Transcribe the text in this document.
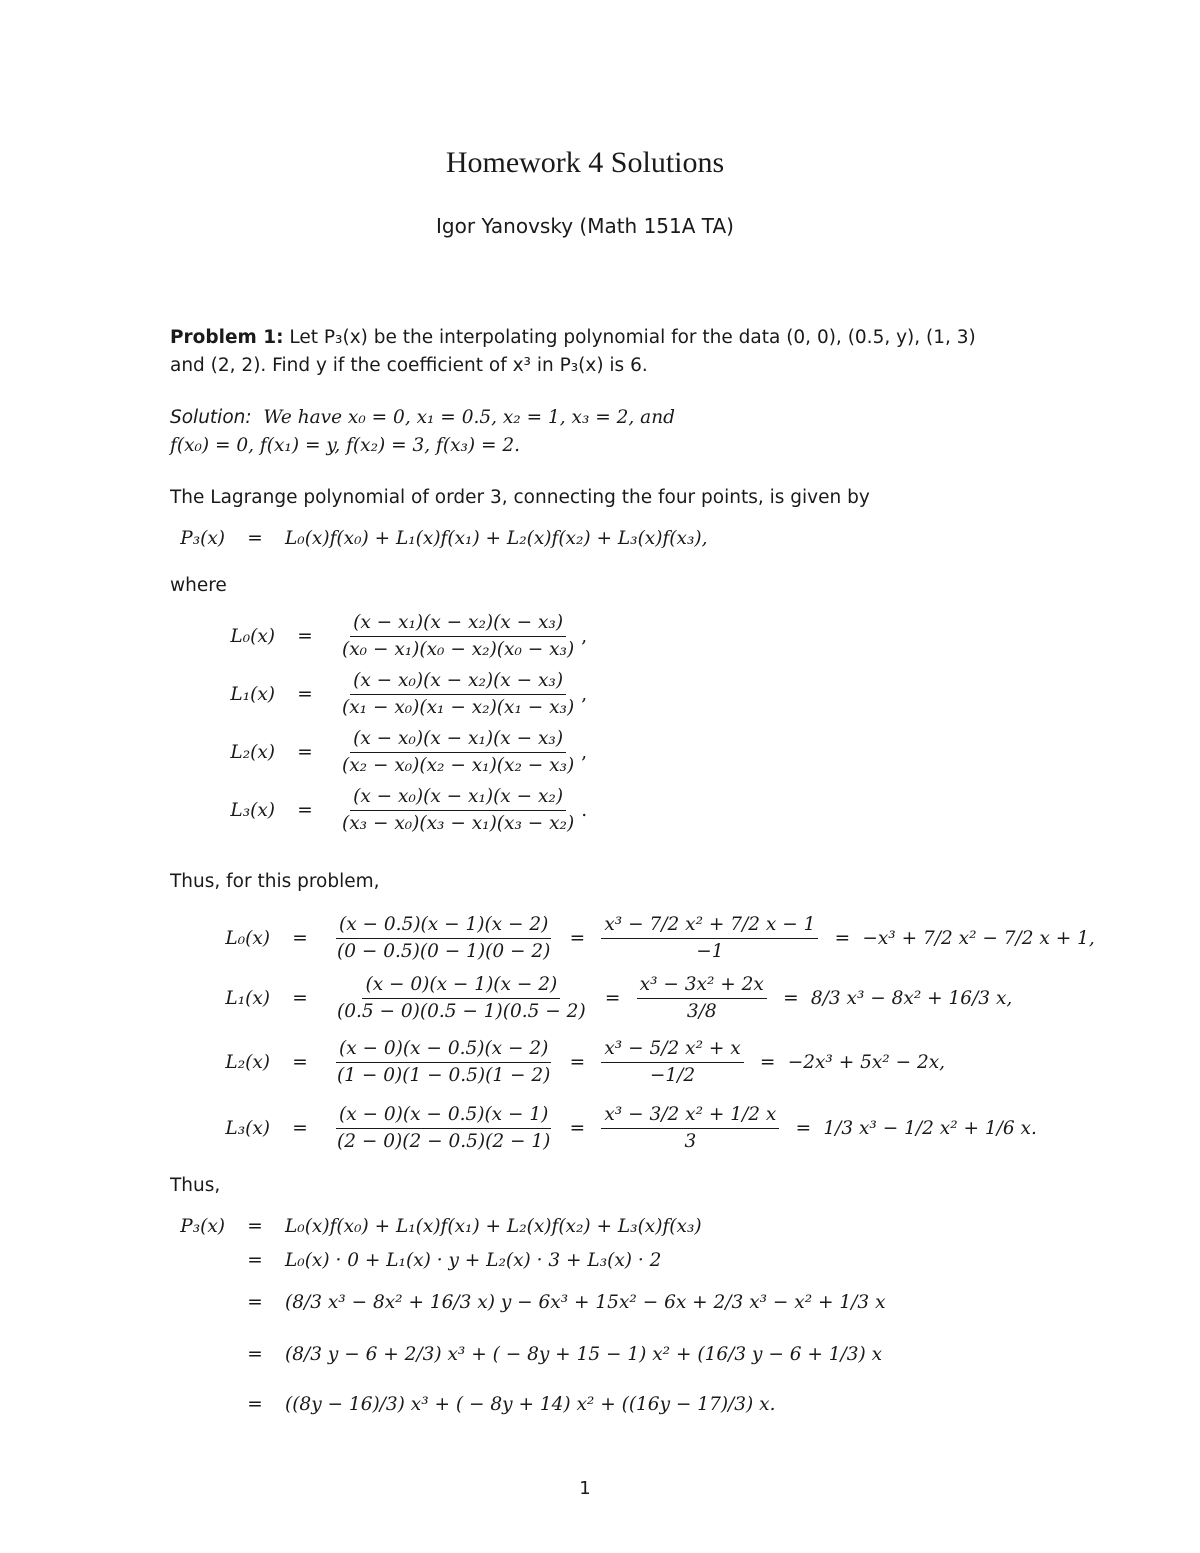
Homework 4 Solutions
Igor Yanovsky (Math 151A TA)
Problem 1: Let P₃(x) be the interpolating polynomial for the data (0, 0), (0.5, y), (1, 3)
and (2, 2). Find y if the coefficient of x³ in P₃(x) is 6.
Solution: We have x₀ = 0, x₁ = 0.5, x₂ = 1, x₃ = 2, and
f(x₀) = 0, f(x₁) = y, f(x₂) = 3, f(x₃) = 2.
The Lagrange polynomial of order 3, connecting the four points, is given by
P₃(x)	=	L₀(x)f(x₀) + L₁(x)f(x₁) + L₂(x)f(x₂) + L₃(x)f(x₃),
where
L₀(x)	=	$\frac{\text{(x − x₁)(x − x₂)(x − x₃)}}{\text{(x₀ − x₁)(x₀ − x₂)(x₀ − x₃)}}$ ,
L₁(x)	=	$\frac{\text{(x − x₀)(x − x₂)(x − x₃)}}{\text{(x₁ − x₀)(x₁ − x₂)(x₁ − x₃)}}$ ,
L₂(x)	=	$\frac{\text{(x − x₀)(x − x₁)(x − x₃)}}{\text{(x₂ − x₀)(x₂ − x₁)(x₂ − x₃)}}$ ,
L₃(x)	=	$\frac{\text{(x − x₀)(x − x₁)(x − x₂)}}{\text{(x₃ − x₀)(x₃ − x₁)(x₃ − x₂)}}$ .
Thus, for this problem,
L₀(x)	=	$\frac{(x - 0.5)(x - 1)(x - 2)}{(0 - 0.5)(0 - 1)(0 - 2)} = \frac{\text{x³ − 7/2 x² + 7/2 x − 1}}{-1} = -x^3 + 7/2$ x² − 7/2 x + 1,
L₁(x)	=	$\frac{(x - 0)(x - 1)(x - 2)}{(0.5 - 0)(0.5 - 1)(0.5 - 2)} = \frac{\text{x³ − 3x² + 2x}}{3/8} = 8/3$ x³ − 8x² + 16/3 x,
L₂(x)	=	$\frac{(x - 0)(x - 0.5)(x - 2)}{(1 - 0)(1 - 0.5)(1 - 2)} = \frac{\text{x³ − 5/2 x² + x}}{-1/2} = -2x^3 + 5x^2 - 2x$,
L₃(x)	=	$\frac{(x - 0)(x - 0.5)(x - 1)}{(2 - 0)(2 - 0.5)(2 - 1)} = \frac{\text{x³ − 3/2 x² + 1/2 x}}{3} = 1/3$ x³ − 1/2 x² + 1/6 x.
Thus,
P₃(x)	=	L₀(x)f(x₀) + L₁(x)f(x₁) + L₂(x)f(x₂) + L₃(x)f(x₃)
=	L₀(x) · 0 + L₁(x) · y + L₂(x) · 3 + L₃(x) · 2
=	(8/3 x³ − 8x² + 16/3 x) y − 6x³ + 15x² − 6x + 2/3 x³ − x² + 1/3 x
=	(8/3 y − 6 + 2/3) x³ + ( − 8y + 15 − 1) x² + (16/3 y − 6 + 1/3) x
=	((8y − 16)/3) x³ + ( − 8y + 14) x² + ((16y − 17)/3) x.
1
